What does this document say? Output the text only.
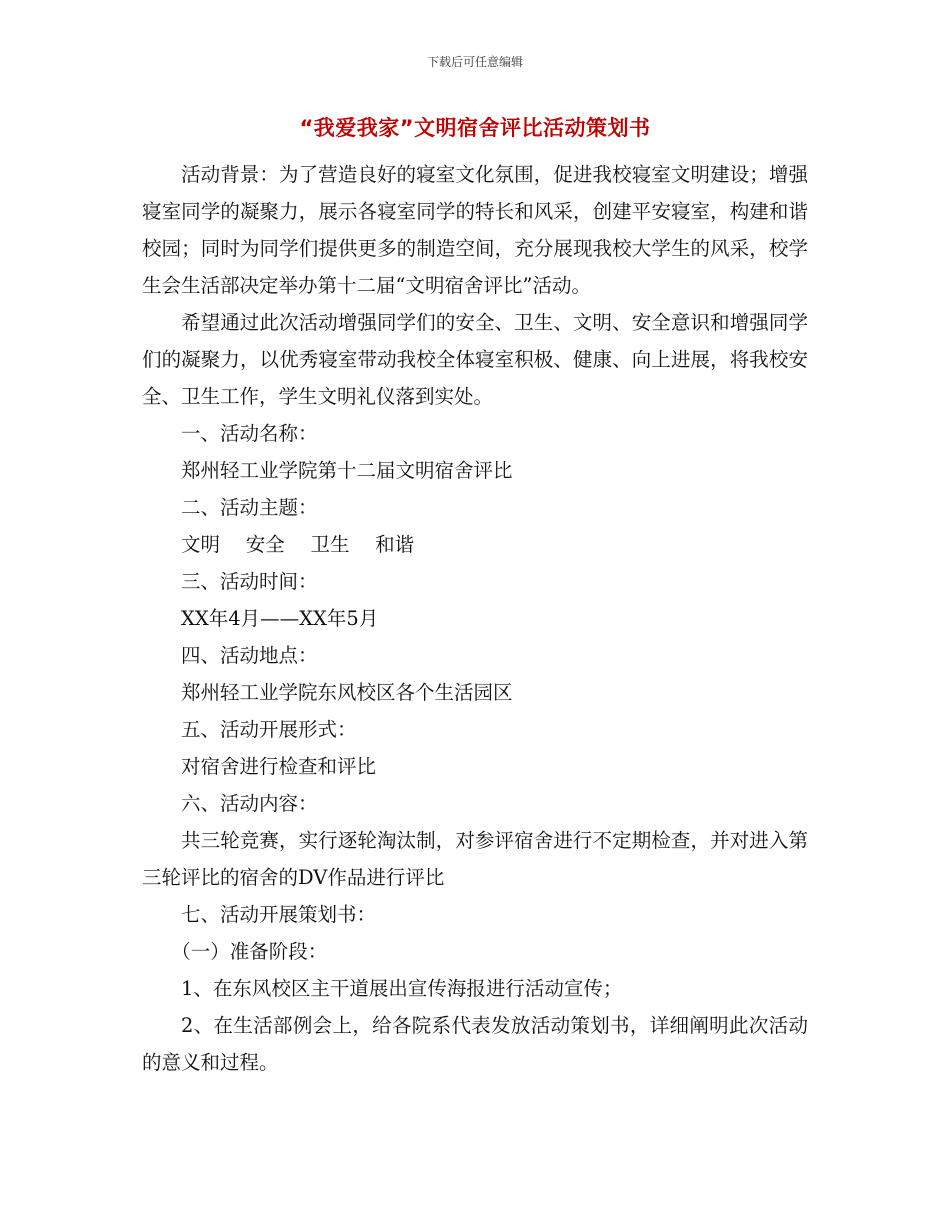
下载后可任意编辑
“我爱我家”文明宿舍评比活动策划书

活动背景：为了营造良好的寝室文化氛围，促进我校寝室文明建设；增强寝室同学的凝聚力，展示各寝室同学的特长和风采，创建平安寝室，构建和谐校园；同时为同学们提供更多的制造空间，充分展现我校大学生的风采，校学生会生活部决定举办第十二届“文明宿舍评比”活动。

希望通过此次活动增强同学们的安全、卫生、文明、安全意识和增强同学们的凝聚力，以优秀寝室带动我校全体寝室积极、健康、向上进展，将我校安全、卫生工作，学生文明礼仪落到实处。

一、活动名称：

郑州轻工业学院第十二届文明宿舍评比

二、活动主题：

文明 安全 卫生 和谐

三、活动时间：

XX年4月——XX年5月

四、活动地点：

郑州轻工业学院东风校区各个生活园区

五、活动开展形式：

对宿舍进行检查和评比

六、活动内容：

共三轮竞赛，实行逐轮淘汰制，对参评宿舍进行不定期检查，并对进入第三轮评比的宿舍的DV作品进行评比

七、活动开展策划书：

（一）准备阶段：

1、在东风校区主干道展出宣传海报进行活动宣传；

2、在生活部例会上，给各院系代表发放活动策划书，详细阐明此次活动的意义和过程。
